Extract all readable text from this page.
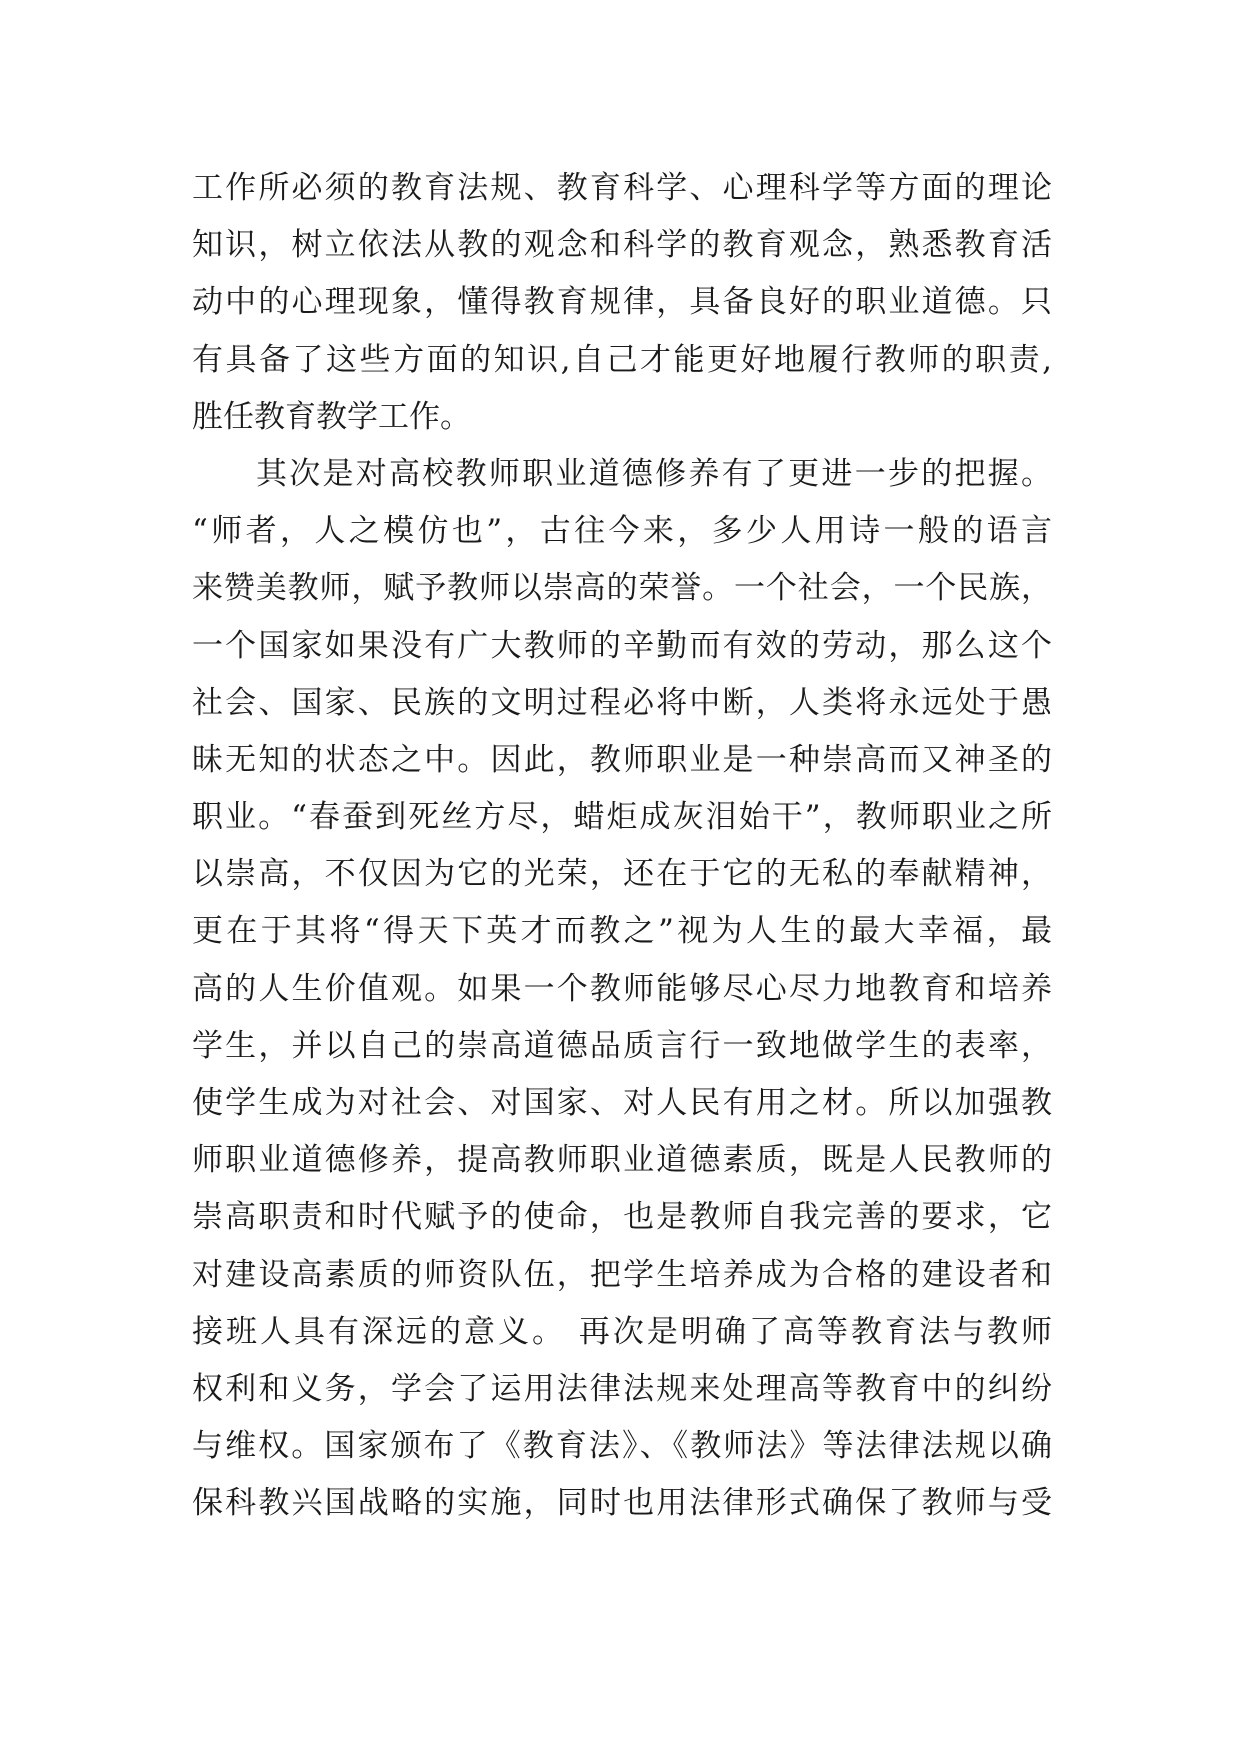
工作所必须的教育法规、教育科学、心理科学等方面的理论
知识，树立依法从教的观念和科学的教育观念，熟悉教育活
动中的心理现象，懂得教育规律，具备良好的职业道德。只
有具备了这些方面的知识,自己才能更好地履行教师的职责,
胜任教育教学工作。
其次是对高校教师职业道德修养有了更进一步的把握。
“师者，人之模仿也”，古往今来，多少人用诗一般的语言
来赞美教师，赋予教师以崇高的荣誉。一个社会，一个民族，
一个国家如果没有广大教师的辛勤而有效的劳动，那么这个
社会、国家、民族的文明过程必将中断，人类将永远处于愚
昧无知的状态之中。因此，教师职业是一种崇高而又神圣的
职业。“春蚕到死丝方尽，蜡炬成灰泪始干”，教师职业之所
以崇高，不仅因为它的光荣，还在于它的无私的奉献精神，
更在于其将“得天下英才而教之”视为人生的最大幸福，最
高的人生价值观。如果一个教师能够尽心尽力地教育和培养
学生，并以自己的崇高道德品质言行一致地做学生的表率，
使学生成为对社会、对国家、对人民有用之材。所以加强教
师职业道德修养，提高教师职业道德素质，既是人民教师的
崇高职责和时代赋予的使命，也是教师自我完善的要求，它
对建设高素质的师资队伍，把学生培养成为合格的建设者和
接班人具有深远的意义。 再次是明确了高等教育法与教师
权利和义务，学会了运用法律法规来处理高等教育中的纠纷
与维权。国家颁布了《教育法》、《教师法》等法律法规以确
保科教兴国战略的实施，同时也用法律形式确保了教师与受
